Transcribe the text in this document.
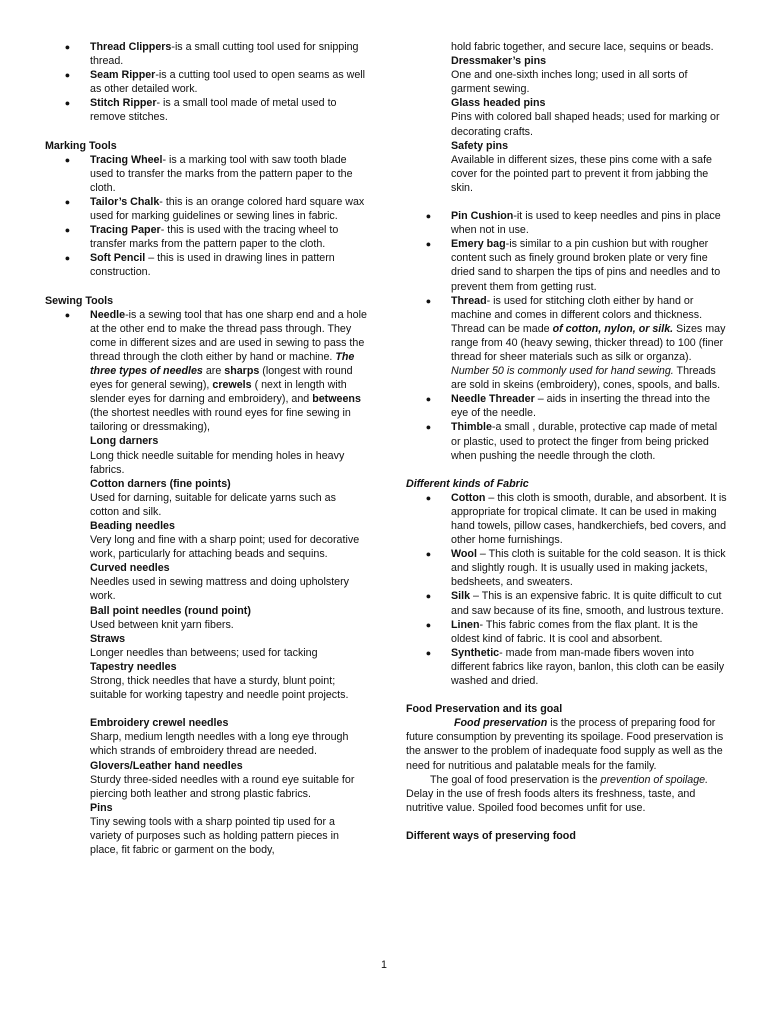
●	Thread Clippers-is a small cutting tool used for snipping thread.
●	Seam Ripper-is a cutting tool used to open seams as well as other detailed work.
●	Stitch Ripper- is a small tool made of metal used to remove stitches.
Marking Tools
●	Tracing Wheel- is a marking tool with saw tooth blade used to transfer the marks from the pattern paper to the cloth.
●	Tailor’s Chalk- this is an orange colored hard square wax used for marking guidelines or sewing lines in fabric.
●	Tracing Paper- this is used with the tracing wheel to transfer marks from the pattern paper to the cloth.
●	Soft Pencil – this is used in drawing lines in pattern construction.
Sewing Tools
●	Needle-is a sewing tool that has one sharp end and a hole at the other end to make the thread pass through. They come in different sizes and are used in sewing to pass the thread through the cloth either by hand or machine. The three types of needles are sharps (longest with round eyes for general sewing), crewels ( next in length with slender eyes for darning and embroidery), and betweens (the shortest needles with round eyes for fine sewing in tailoring or dressmaking),
Long darners
Long thick needle suitable for mending holes in heavy fabrics.
Cotton darners (fine points)
Used for darning, suitable for delicate yarns such as cotton and silk.
Beading needles
Very long and fine with a sharp point; used for decorative work, particularly for attaching beads and sequins.
Curved needles
Needles used in sewing mattress and doing upholstery work.
Ball point needles (round point)
Used between knit yarn fibers.
Straws
Longer needles than betweens; used for tacking
Tapestry needles
Strong, thick needles that have a sturdy, blunt point; suitable for working tapestry and needle point projects.
Embroidery crewel needles
Sharp, medium length needles with a long eye through which strands of embroidery thread are needed.
Glovers/Leather hand needles
Sturdy three-sided needles with a round eye suitable for piercing both leather and strong plastic fabrics.
Pins
Tiny sewing tools with a sharp pointed tip used for a variety of purposes such as holding pattern pieces in place, fit fabric or garment on the body,
hold fabric together, and secure lace, sequins or beads.
Dressmaker’s pins
One and one-sixth inches long; used in all sorts of garment sewing.
Glass headed pins
Pins with colored ball shaped heads; used for marking or decorating crafts.
Safety pins
Available in different sizes, these pins come with a safe cover for the pointed part to prevent it from jabbing the skin.
●	Pin Cushion-it is used to keep needles and pins in place when not in use.
●	Emery bag-is similar to a pin cushion but with rougher content such as finely ground broken plate or very fine dried sand to sharpen the tips of pins and needles and to prevent them from getting rust.
●	Thread- is used for stitching cloth either by hand or machine and comes in different colors and thickness. Thread can be made of cotton, nylon, or silk. Sizes may range from 40 (heavy sewing, thicker thread) to 100 (finer thread for sheer materials such as silk or organza). Number 50 is commonly used for hand sewing. Threads are sold in skeins (embroidery), cones, spools, and balls.
●	Needle Threader – aids in inserting the thread into the eye of the needle.
●	Thimble-a small , durable, protective cap made of metal or plastic, used to protect the finger from being pricked when pushing the needle through the cloth.
Different kinds of Fabric
●	Cotton – this cloth is smooth, durable, and absorbent. It is appropriate for tropical climate. It can be used in making hand towels, pillow cases, handkerchiefs, bed covers, and other home furnishings.
●	Wool – This cloth is suitable for the cold season. It is thick and slightly rough. It is usually used in making jackets, bedsheets, and sweaters.
●	Silk – This is an expensive fabric. It is quite difficult to cut and saw because of its fine, smooth, and lustrous texture.
●	Linen- This fabric comes from the flax plant. It is the oldest kind of fabric. It is cool and absorbent.
●	Synthetic- made from man-made fibers woven into different fabrics like rayon, banlon, this cloth can be easily washed and dried.
Food Preservation and its goal
Food preservation is the process of preparing food for future consumption by preventing its spoilage. Food preservation is the answer to the problem of inadequate food supply as well as the need for nutritious and palatable meals for the family.
The goal of food preservation is the prevention of spoilage. Delay in the use of fresh foods alters its freshness, taste, and nutritive value. Spoiled food becomes unfit for use.
Different ways of preserving food
1
